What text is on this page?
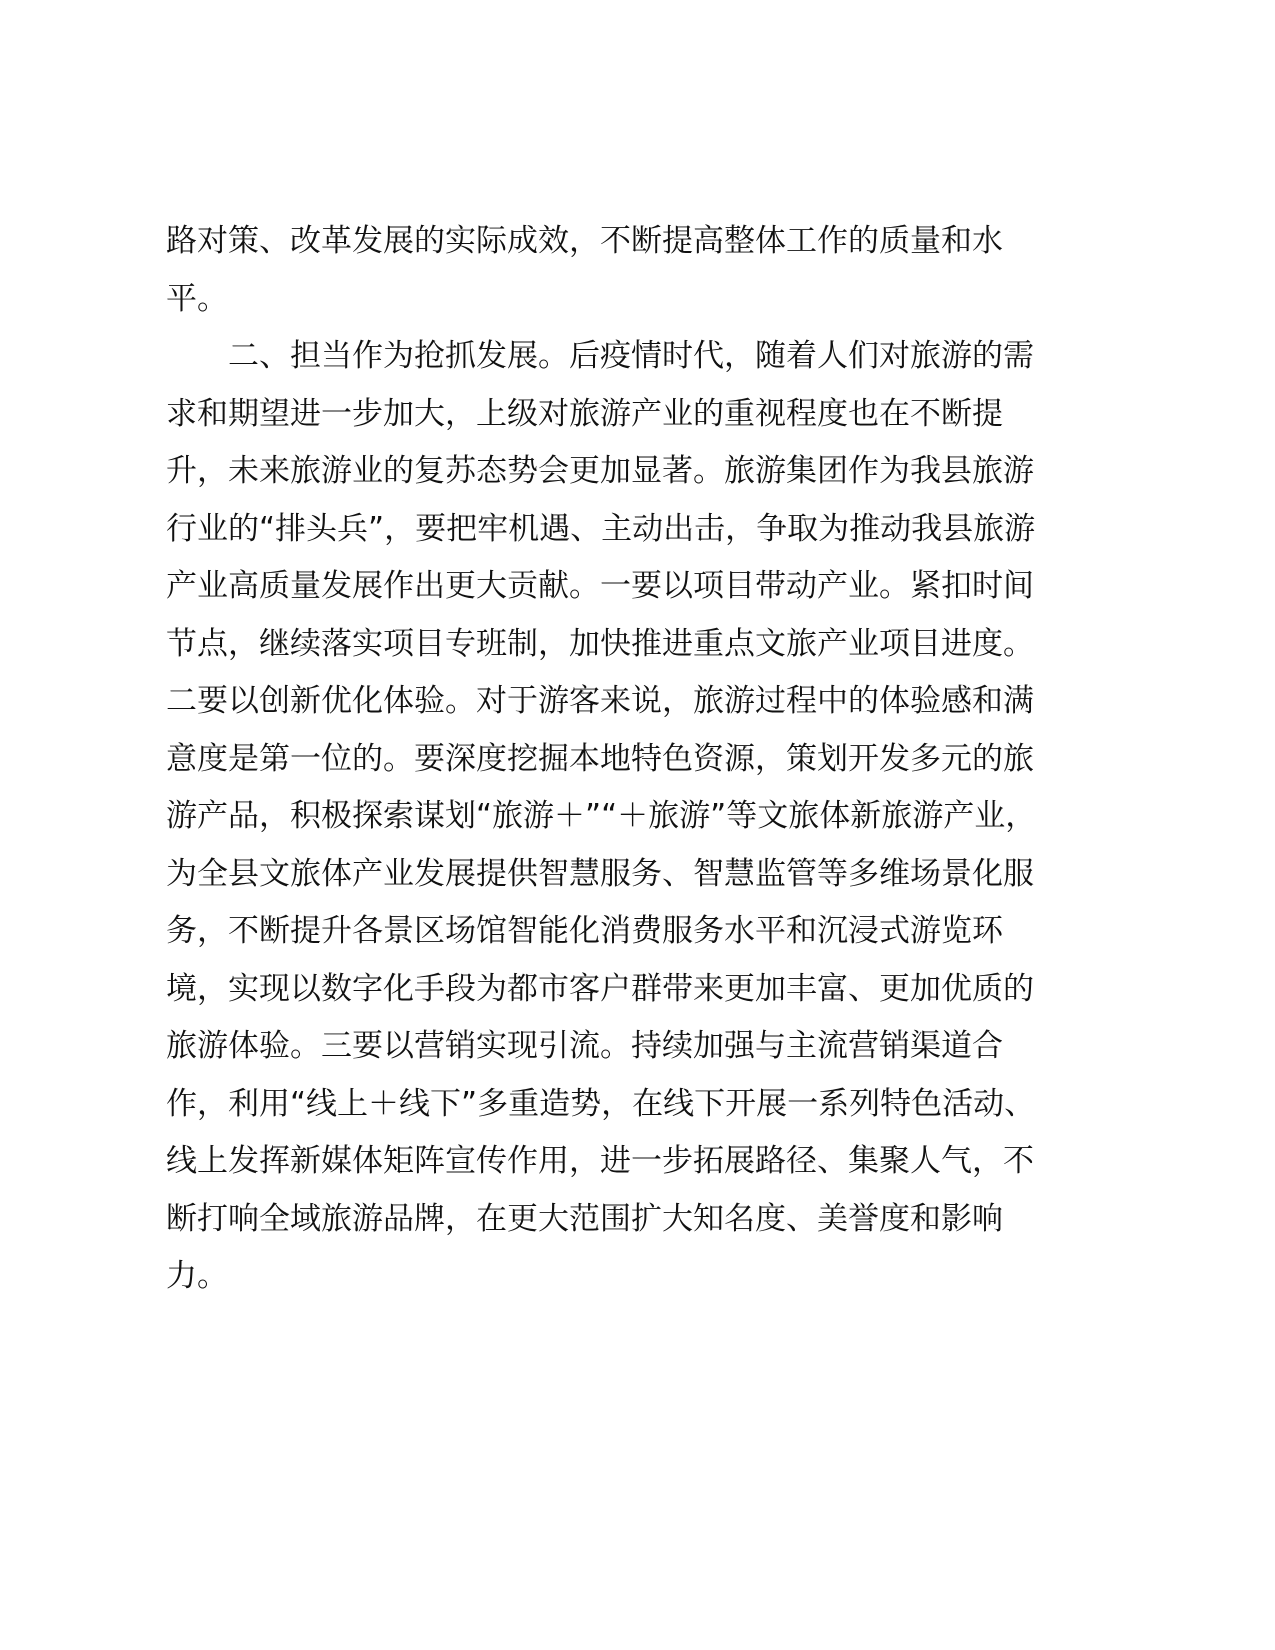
路对策、改革发展的实际成效，不断提高整体工作的质量和水
平。
二、担当作为抢抓发展。后疫情时代，随着人们对旅游的需
求和期望进一步加大，上级对旅游产业的重视程度也在不断提
升，未来旅游业的复苏态势会更加显著。旅游集团作为我县旅游
行业的“排头兵”，要把牢机遇、主动出击，争取为推动我县旅游
产业高质量发展作出更大贡献。一要以项目带动产业。紧扣时间
节点，继续落实项目专班制，加快推进重点文旅产业项目进度。
二要以创新优化体验。对于游客来说，旅游过程中的体验感和满
意度是第一位的。要深度挖掘本地特色资源，策划开发多元的旅
游产品，积极探索谋划“旅游＋”“＋旅游”等文旅体新旅游产业，
为全县文旅体产业发展提供智慧服务、智慧监管等多维场景化服
务，不断提升各景区场馆智能化消费服务水平和沉浸式游览环
境，实现以数字化手段为都市客户群带来更加丰富、更加优质的
旅游体验。三要以营销实现引流。持续加强与主流营销渠道合
作，利用“线上＋线下”多重造势，在线下开展一系列特色活动、
线上发挥新媒体矩阵宣传作用，进一步拓展路径、集聚人气，不
断打响全域旅游品牌，在更大范围扩大知名度、美誉度和影响
力。
